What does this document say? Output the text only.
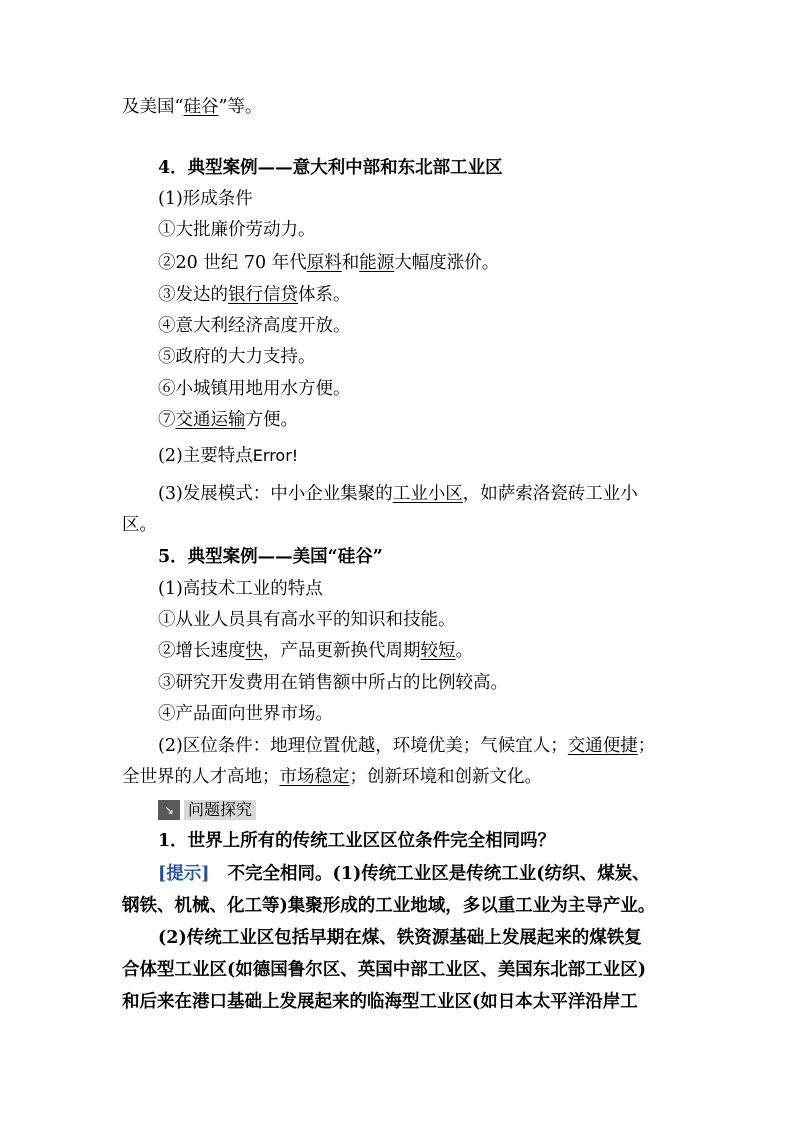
及美国“硅谷”等。
4．典型案例——意大利中部和东北部工业区
(1)形成条件
①大批廉价劳动力。
②20 世纪 70 年代原料和能源大幅度涨价。
③发达的银行信贷体系。
④意大利经济高度开放。
⑤政府的大力支持。
⑥小城镇用地用水方便。
⑦交通运输方便。
(2)主要特点Error!
(3)发展模式：中小企业集聚的工业小区，如萨索洛瓷砖工业小
区。
5．典型案例——美国“硅谷”
(1)高技术工业的特点
①从业人员具有高水平的知识和技能。
②增长速度快，产品更新换代周期较短。
③研究开发费用在销售额中所占的比例较高。
④产品面向世界市场。
(2)区位条件：地理位置优越，环境优美；气候宜人；交通便捷；
全世界的人才高地；市场稳定；创新环境和创新文化。
↘ 问题探究
1．世界上所有的传统工业区区位条件完全相同吗？
[提示] 不完全相同。(1)传统工业区是传统工业(纺织、煤炭、
钢铁、机械、化工等)集聚形成的工业地域，多以重工业为主导产业。
(2)传统工业区包括早期在煤、铁资源基础上发展起来的煤铁复
合体型工业区(如德国鲁尔区、英国中部工业区、美国东北部工业区)
和后来在港口基础上发展起来的临海型工业区(如日本太平洋沿岸工
